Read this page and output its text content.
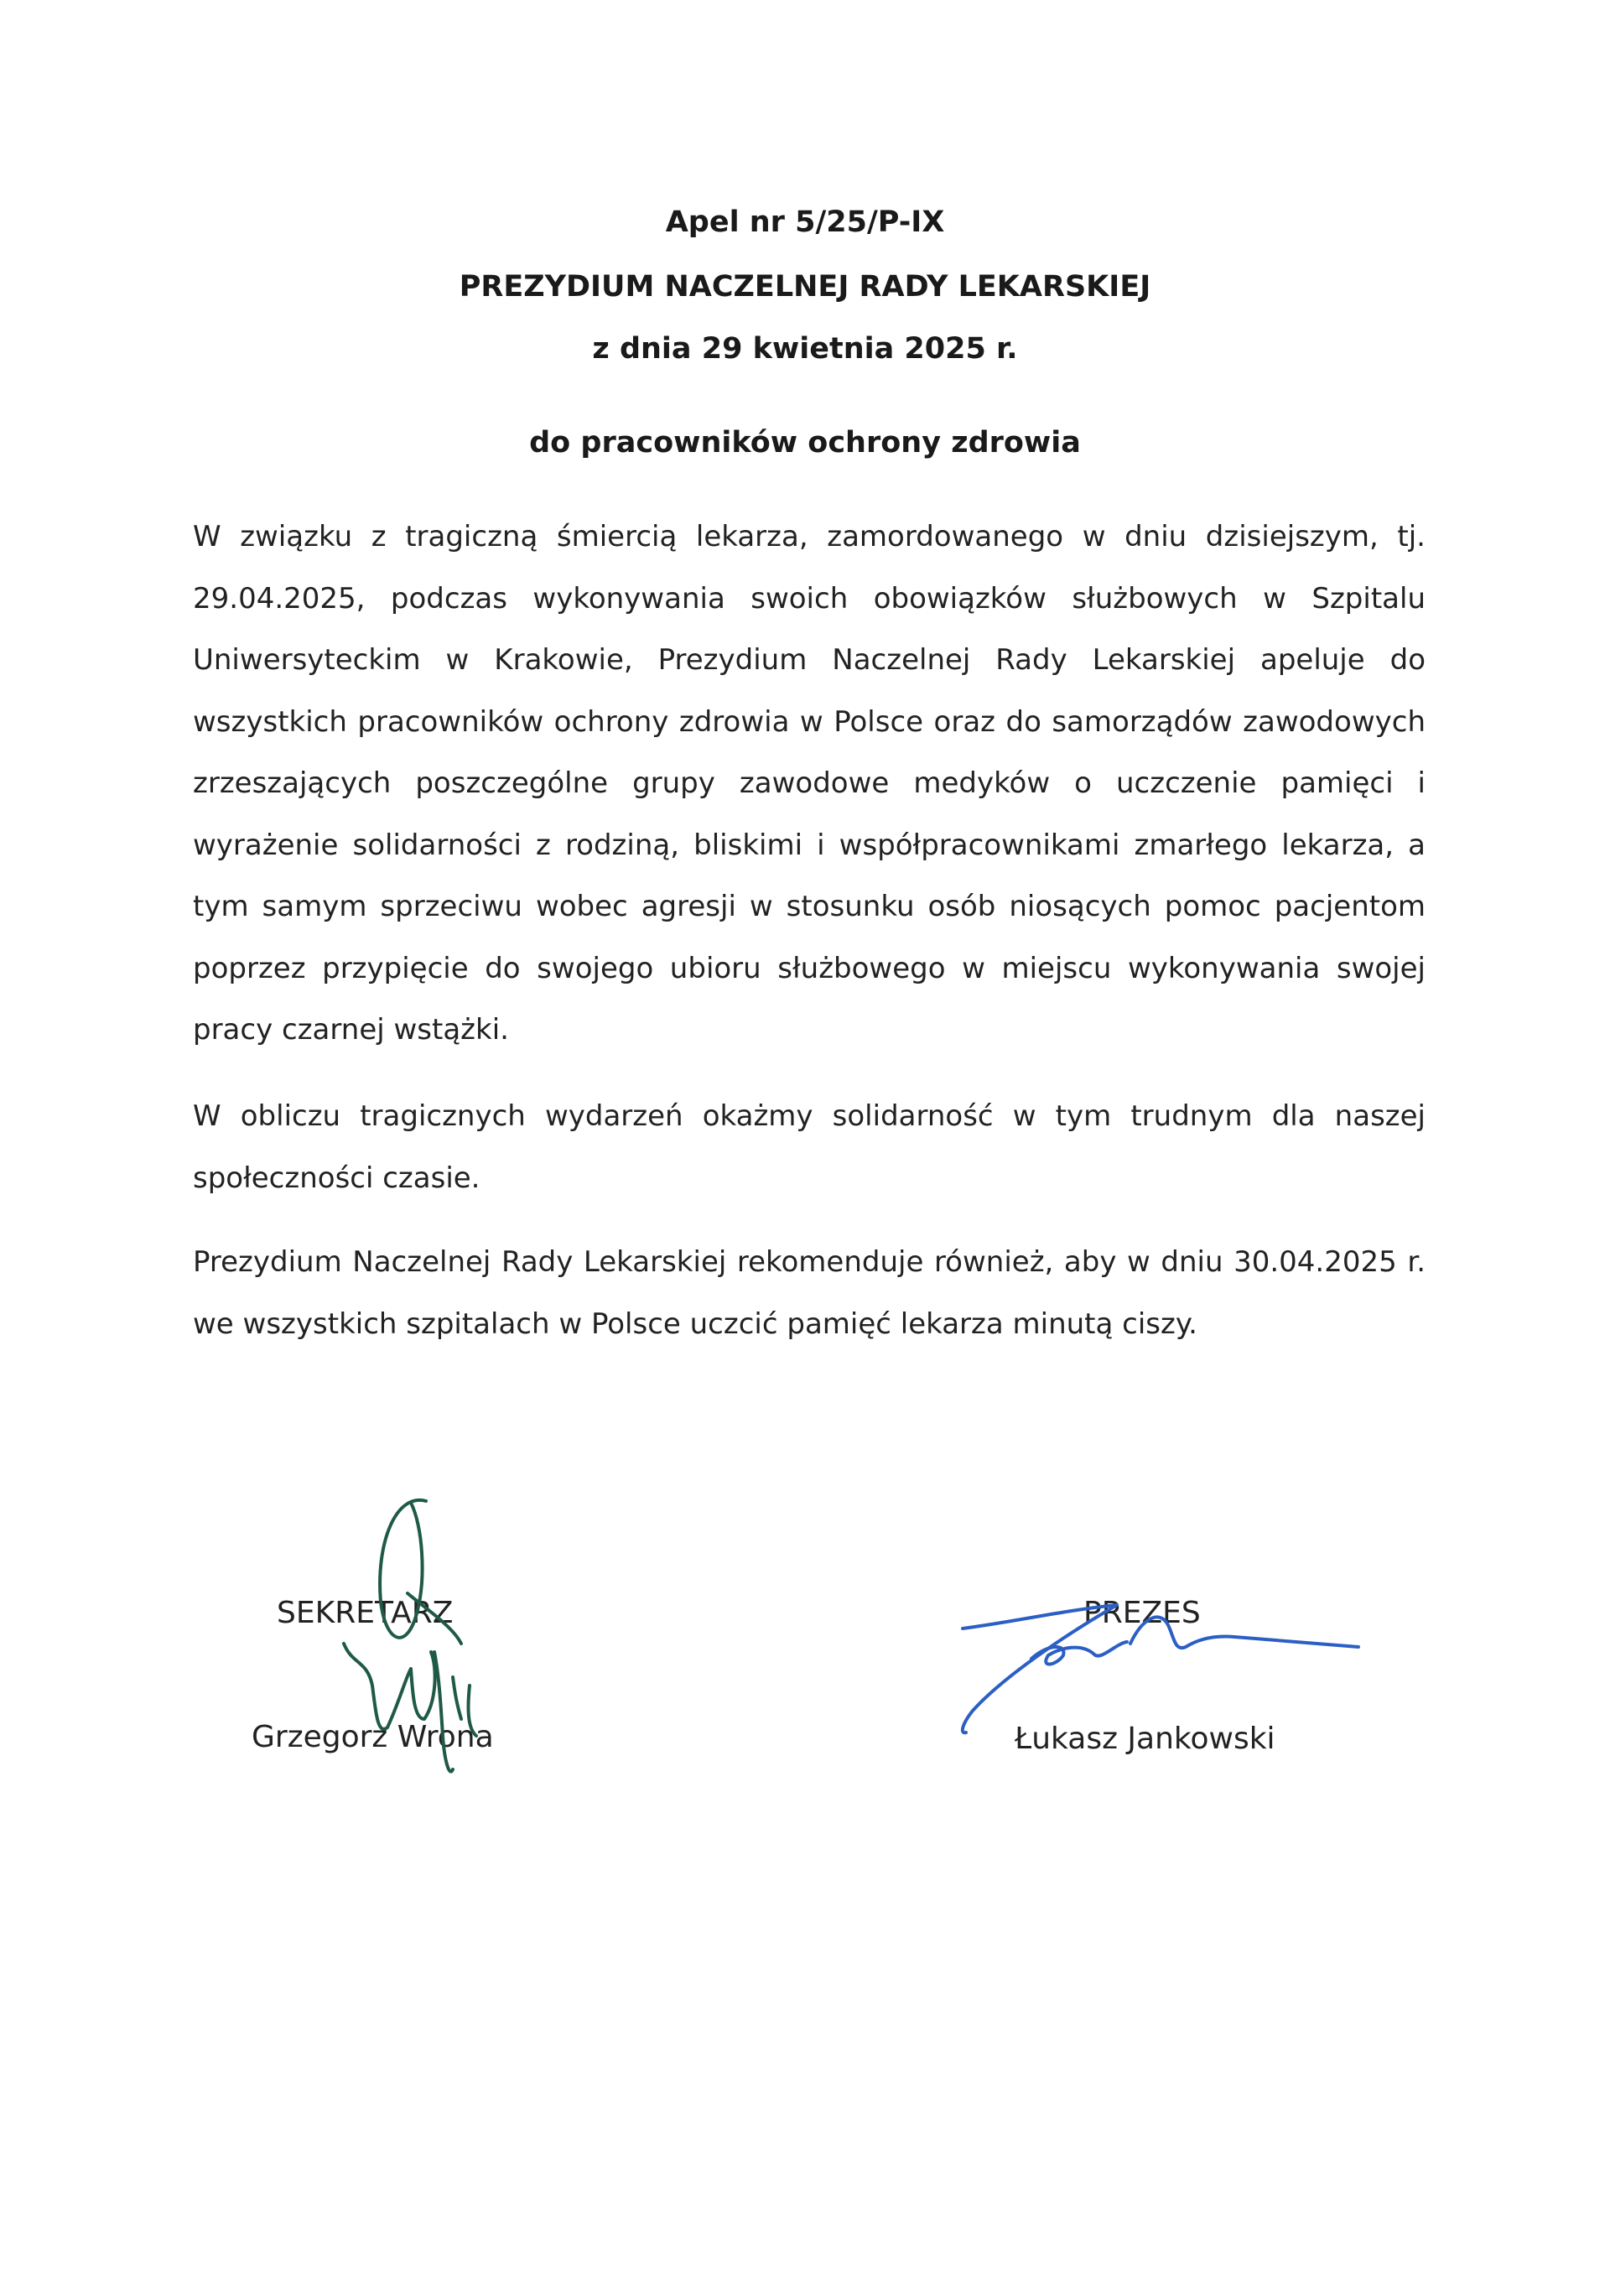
Apel nr 5/25/P-IX

PREZYDIUM NACZELNEJ RADY LEKARSKIEJ

z dnia 29 kwietnia 2025 r.

do pracowników ochrony zdrowia

W związku z tragiczną śmiercią lekarza, zamordowanego w dniu dzisiejszym, tj. 29.04.2025, podczas wykonywania swoich obowiązków służbowych w Szpitalu Uniwersyteckim w Krakowie, Prezydium Naczelnej Rady Lekarskiej apeluje do wszystkich pracowników ochrony zdrowia w Polsce oraz do samorządów zawodowych zrzeszających poszczególne grupy zawodowe medyków o uczczenie pamięci i wyrażenie solidarności z rodziną, bliskimi i współpracownikami zmarłego lekarza, a tym samym sprzeciwu wobec agresji w stosunku osób niosących pomoc pacjentom poprzez przypięcie do swojego ubioru służbowego w miejscu wykonywania swojej pracy czarnej wstążki.

W obliczu tragicznych wydarzeń okażmy solidarność w tym trudnym dla naszej społeczności czasie.

Prezydium Naczelnej Rady Lekarskiej rekomenduje również, aby w dniu 30.04.2025 r. we wszystkich szpitalach w Polsce uczcić pamięć lekarza minutą ciszy.

SEKRETARZ

Grzegorz Wrona

PREZES

Łukasz Jankowski
